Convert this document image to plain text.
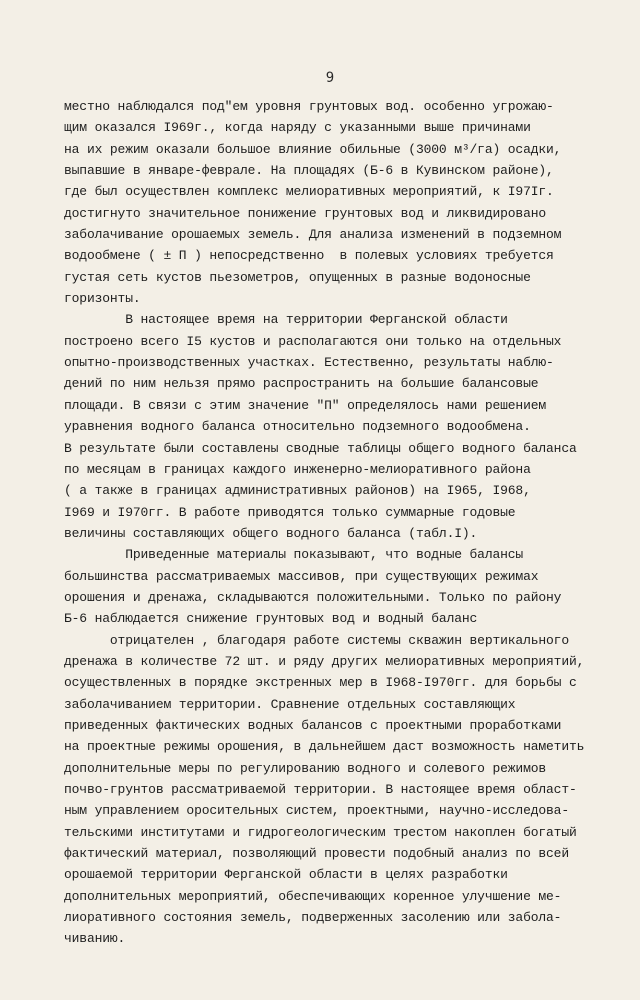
9
местно наблюдался под"ем уровня грунтовых вод. особенно угрожаю-
щим оказался I969г., когда наряду с указанными выше причинами
на их режим оказали большое влияние обильные (3000 м³/га) осадки,
выпавшие в январе-феврале. На площадях (Б-6 в Кувинском районе),
где был осуществлен комплекс мелиоративных мероприятий, к I97Iг.
достигнуто значительное понижение грунтовых вод и ликвидировано
заболачивание орошаемых земель. Для анализа изменений в подземном
водообмене ( ± П ) непосредственно  в полевых условиях требуется
густая сеть кустов пьезометров, опущенных в разные водоносные
горизонты.
В настоящее время на территории Ферганской области
построено всего I5 кустов и располагаются они только на отдельных
опытно-производственных участках. Естественно, результаты наблю-
дений по ним нельзя прямо распространить на большие балансовые
площади. В связи с этим значение "П" определялось нами решением
уравнения водного баланса относительно подземного водообмена.
В результате были составлены сводные таблицы общего водного баланса
по месяцам в границах каждого инженерно-мелиоративного района
( а также в границах административных районов) на I965, I968,
I969 и I970гг. В работе приводятся только суммарные годовые
величины составляющих общего водного баланса (табл.I).
Приведенные материалы показывают, что водные балансы
большинства рассматриваемых массивов, при существующих режимах
орошения и дренажа, складываются положительными. Только по району
Б-6 наблюдается снижение грунтовых вод и водный баланс
отрицателен , благодаря работе системы скважин вертикального
дренажа в количестве 72 шт. и ряду других мелиоративных мероприятий,
осуществленных в порядке экстренных мер в I968-I970гг. для борьбы с
заболачиванием территории. Сравнение отдельных составляющих
приведенных фактических водных балансов с проектными проработками
на проектные режимы орошения, в дальнейшем даст возможность наметить
дополнительные меры по регулированию водного и солевого режимов
почво-грунтов рассматриваемой территории. В настоящее время област-
ным управлением оросительных систем, проектными, научно-исследова-
тельскими институтами и гидрогеологическим трестом накоплен богатый
фактический материал, позволяющий провести подобный анализ по всей
орошаемой территории Ферганской области в целях разработки
дополнительных мероприятий, обеспечивающих коренное улучшение ме-
лиоративного состояния земель, подверженных засолению или забола-
чиванию.
